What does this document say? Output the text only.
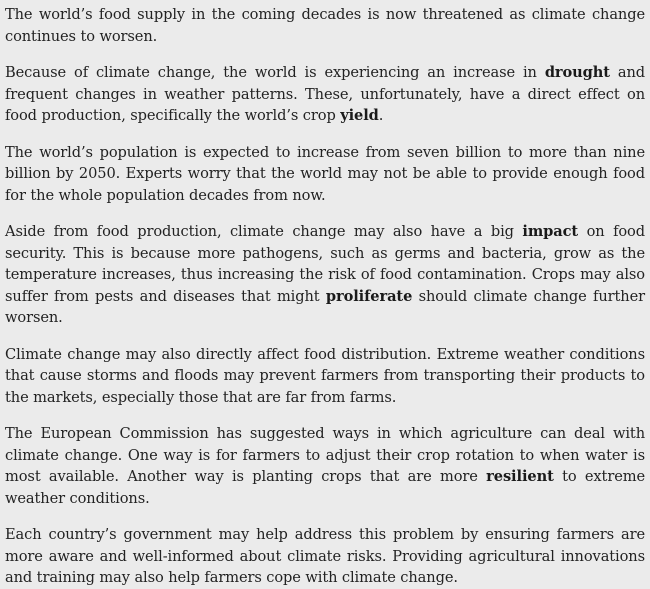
The world’s food supply in the coming decades is now threatened as climate change continues to worsen.

Because of climate change, the world is experiencing an increase in drought and frequent changes in weather patterns. These, unfortunately, have a direct effect on food production, specifically the world’s crop yield.

The world’s population is expected to increase from seven billion to more than nine billion by 2050. Experts worry that the world may not be able to provide enough food for the whole population decades from now.

Aside from food production, climate change may also have a big impact on food security. This is because more pathogens, such as germs and bacteria, grow as the temperature increases, thus increasing the risk of food contamination. Crops may also suffer from pests and diseases that might proliferate should climate change further worsen.

Climate change may also directly affect food distribution. Extreme weather conditions that cause storms and floods may prevent farmers from transporting their products to the markets, especially those that are far from farms.

The European Commission has suggested ways in which agriculture can deal with climate change. One way is for farmers to adjust their crop rotation to when water is most available. Another way is planting crops that are more resilient to extreme weather conditions.

Each country’s government may help address this problem by ensuring farmers are more aware and well-informed about climate risks. Providing agricultural innovations and training may also help farmers cope with climate change.
